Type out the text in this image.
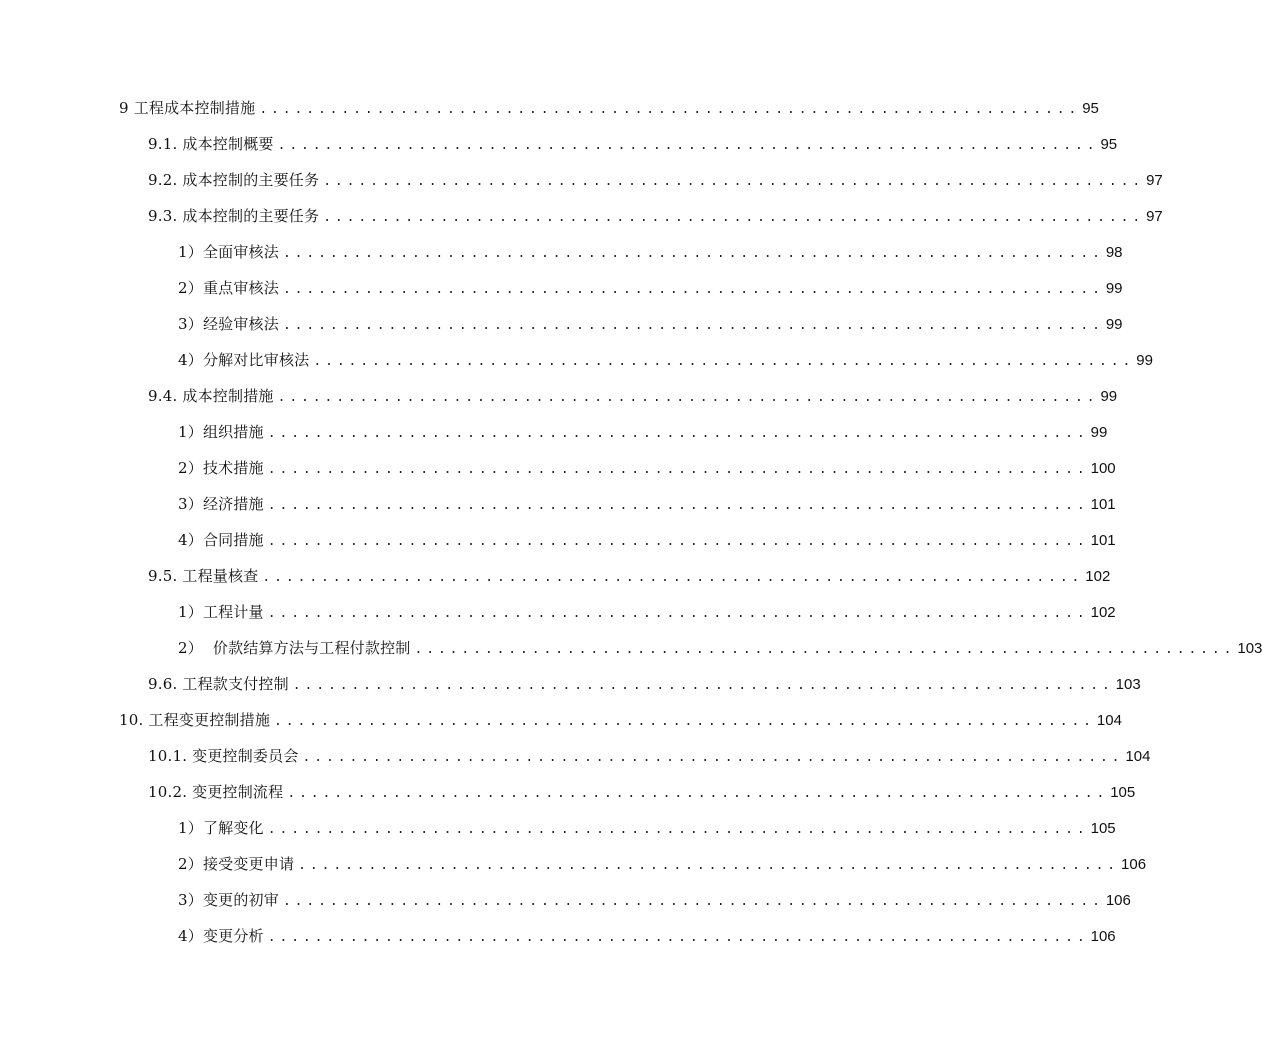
9 工程成本控制措施 ...................................................................... 95
9.1. 成本控制概要 ...................................................................... 95
9.2. 成本控制的主要任务 ...................................................................... 97
9.3. 成本控制的主要任务 ...................................................................... 97
1）全面审核法 ...................................................................... 98
2）重点审核法 ...................................................................... 99
3）经验审核法 ...................................................................... 99
4）分解对比审核法 ...................................................................... 99
9.4. 成本控制措施 ...................................................................... 99
1）组织措施 ...................................................................... 99
2）技术措施 ...................................................................... 100
3）经济措施 ...................................................................... 101
4）合同措施 ...................................................................... 101
9.5. 工程量核查 ...................................................................... 102
1）工程计量 ...................................................................... 102
2）  价款结算方法与工程付款控制 ...................................................................... 103
9.6. 工程款支付控制 ...................................................................... 103
10. 工程变更控制措施 ...................................................................... 104
10.1. 变更控制委员会 ...................................................................... 104
10.2. 变更控制流程 ...................................................................... 105
1）了解变化 ...................................................................... 105
2）接受变更申请 ...................................................................... 106
3）变更的初审 ...................................................................... 106
4）变更分析 ...................................................................... 106
